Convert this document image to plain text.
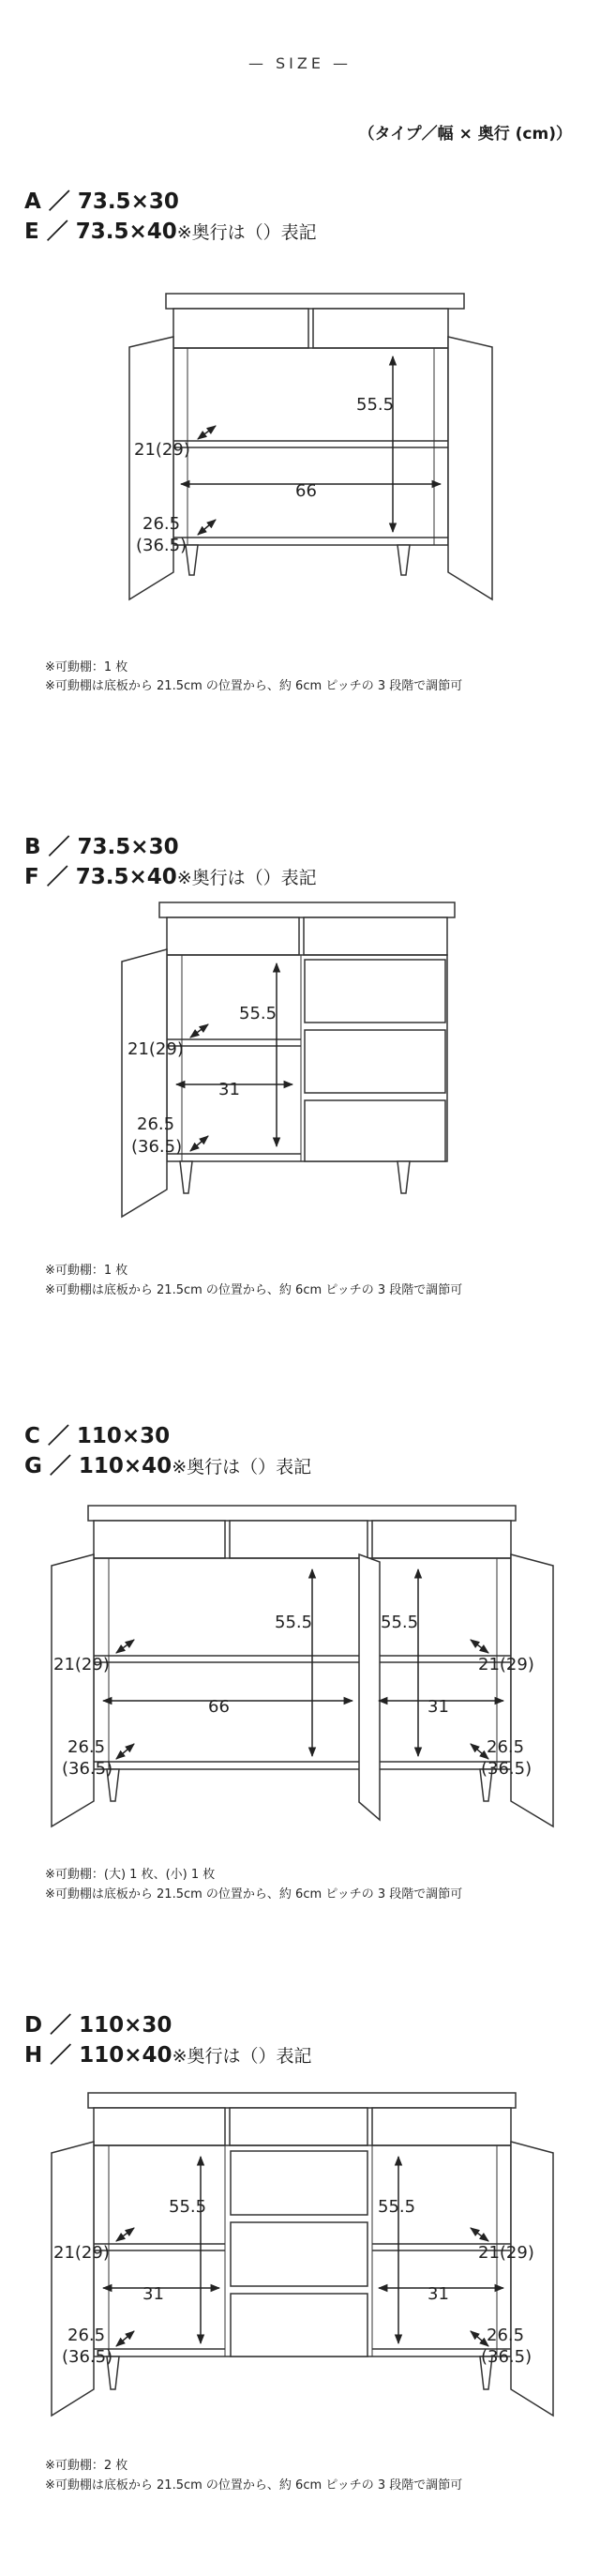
— SIZE —
（タイプ／幅 × 奥行 (cm)）
A ／ 73.5×30
E ／ 73.5×40※奥行は（）表記
55.5
21(29)
66
26.5
(36.5)
※可動棚：1 枚
※可動棚は底板から 21.5cm の位置から、約 6cm ピッチの 3 段階で調節可
B ／ 73.5×30
F ／ 73.5×40※奥行は（）表記
55.5
21(29)
31
26.5
(36.5)
※可動棚：1 枚
※可動棚は底板から 21.5cm の位置から、約 6cm ピッチの 3 段階で調節可
C ／ 110×30
G ／ 110×40※奥行は（）表記
55.5	55.5
21(29)	21(29)
66	31
26.5
(36.5)
26.5
(36.5)
※可動棚：(大) 1 枚、(小) 1 枚
※可動棚は底板から 21.5cm の位置から、約 6cm ピッチの 3 段階で調節可
D ／ 110×30
H ／ 110×40※奥行は（）表記
55.5	55.5
21(29)	21(29)
31	31
26.5
(36.5)
26.5
(36.5)
※可動棚：2 枚
※可動棚は底板から 21.5cm の位置から、約 6cm ピッチの 3 段階で調節可
